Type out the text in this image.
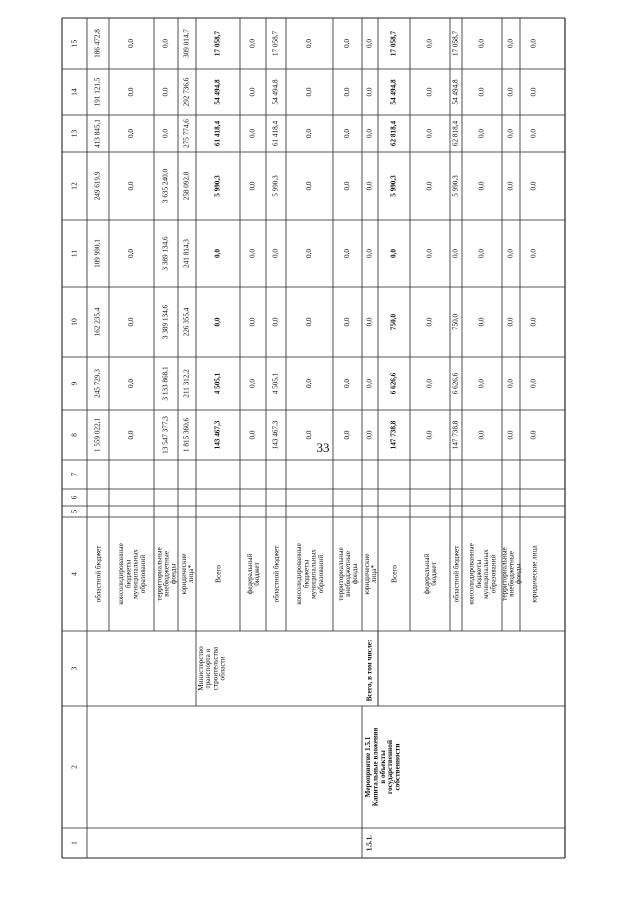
33
1
2
3
4
5
6
7
8
9
10
11
12
13
14
15
областной бюджет
1 559 022,1
245 729,3
162 235,4
109 990,1
249 619,9
413 845,1
191 121,5
186 472,8
консолидированныебюджетымуниципальныхобразований
0,0
0,0
0,0
0,0
0,0
0,0
0,0
0,0
территориальныевнебюджетныефонды
13 547 377,3
3 133 868,1
3 389 134,6
3 389 134,6
3 635 240,0
0,0
0,0
0,0
юридическиелица*
1 815 360,6
211 312,2
226 355,4
241 814,3
258 092,8
275 774,6
292 736,6
309 014,7
Всего
143 467,3
4 505,1
0,0
0,0
5 990,3
61 418,4
54 494,8
17 058,7
федеральныйбюджет
0,0
0,0
0,0
0,0
0,0
0,0
0,0
0,0
областной бюджет
143 467,3
4 505,1
0,0
0,0
5 990,3
61 418,4
54 494,8
17 058,7
консолидированныебюджетымуниципальныхобразований
0,0
0,0
0,0
0,0
0,0
0,0
0,0
0,0
территориальныевнебюджетныефонды
0,0
0,0
0,0
0,0
0,0
0,0
0,0
0,0
юридическиелица*
0,0
0,0
0,0
0,0
0,0
0,0
0,0
0,0
Всего
147 738,8
6 626,6
750,0
0,0
5 990,3
62 818,4
54 494,8
17 058,7
федеральныйбюджет
0,0
0,0
0,0
0,0
0,0
0,0
0,0
0,0
областной бюджет
147 738,8
6 626,6
750,0
0,0
5 990,3
62 818,4
54 494,8
17 058,7
консолидированныебюджетымуниципальныхобразований
0,0
0,0
0,0
0,0
0,0
0,0
0,0
0,0
территориальныевнебюджетныефонды
0,0
0,0
0,0
0,0
0,0
0,0
0,0
0,0
юридические лица
0,0
0,0
0,0
0,0
0,0
0,0
0,0
0,0
Министерствотранспорта истроительстваобласти	Всего, в том числе:
Мероприятие 1.5.1Капитальные вложенияв объектыгосударственнойсобственности
1.5.1.
